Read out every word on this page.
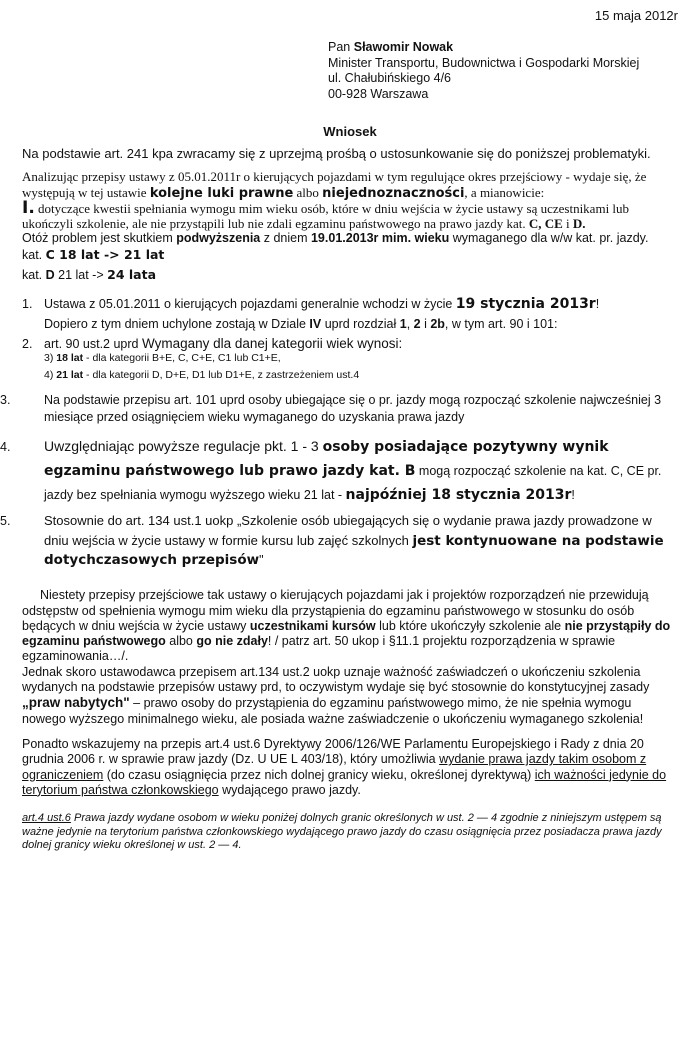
15 maja 2012r
Pan Sławomir Nowak
Minister Transportu, Budownictwa i Gospodarki Morskiej
ul. Chałubińskiego 4/6
00-928 Warszawa
Wniosek

Na podstawie art. 241 kpa zwracamy się z uprzejmą prośbą o ustosunkowanie się do poniższej problematyki.

Analizując przepisy ustawy z 05.01.2011r o kierujących pojazdami w tym regulujące okres przejściowy - wydaje się, że występują w tej ustawie kolejne luki prawne albo niejednoznaczności, a mianowicie:

I. dotyczące kwestii spełniania wymogu mim wieku osób, które w dniu wejścia w życie ustawy są uczestnikami lub ukończyli szkolenie, ale nie przystąpili lub nie zdali egzaminu państwowego na prawo jazdy kat. C, CE i D.

Otóż problem jest skutkiem podwyższenia z dniem 19.01.2013r mim. wieku wymaganego dla w/w kat. pr. jazdy.

kat. C 18 lat -> 21 lat

kat. D 21 lat -> 24 lata

1. Ustawa z 05.01.2011 o kierujących pojazdami generalnie wchodzi w życie 19 stycznia 2013r!

Dopiero z tym dniem uchylone zostają w Dziale IV uprd rozdział 1, 2 i 2b, w tym art. 90 i 101:

2. art. 90 ust.2 uprd Wymagany dla danej kategorii wiek wynosi:

3) 18 lat - dla kategorii B+E, C, C+E, C1 lub C1+E,

4) 21 lat - dla kategorii D, D+E, D1 lub D1+E, z zastrzeżeniem ust.4

3.	Na podstawie przepisu art. 101 uprd osoby ubiegające się o pr. jazdy mogą rozpocząć szkolenie najwcześniej 3 miesiące przed osiągnięciem wieku wymaganego do uzyskania prawa jazdy

4. Uwzględniając powyższe regulacje pkt. 1 - 3 osoby posiadające pozytywny wynik egzaminu państwowego lub prawo jazdy kat. B mogą rozpocząć szkolenie na kat. C, CE pr. jazdy bez spełniania wymogu wyższego wieku 21 lat - najpóźniej 18 stycznia 2013r!

5.	Stosownie do art. 134 ust.1 uokp „Szkolenie osób ubiegających się o wydanie prawa jazdy prowadzone w dniu wejścia w życie ustawy w formie kursu lub zajęć szkolnych jest kontynuowane na podstawie dotychczasowych przepisów"

Niestety przepisy przejściowe tak ustawy o kierujących pojazdami jak i projektów rozporządzeń nie przewidują odstępstw od spełnienia wymogu mim wieku dla przystąpienia do egzaminu państwowego w stosunku do osób będących w dniu wejścia w życie ustawy uczestnikami kursów lub które ukończyły szkolenie ale nie przystąpiły do egzaminu państwowego albo go nie zdały! / patrz art. 50 ukop i §11.1 projektu rozporządzenia w sprawie egzaminowania…/.

Jednak skoro ustawodawca przepisem art.134 ust.2 uokp uznaje ważność zaświadczeń o ukończeniu szkolenia wydanych na podstawie przepisów ustawy prd, to oczywistym wydaje się być stosownie do konstytucyjnej zasady „praw nabytych" – prawo osoby do przystąpienia do egzaminu państwowego mimo, że nie spełnia wymogu nowego wyższego minimalnego wieku, ale posiada ważne zaświadczenie o ukończeniu wymaganego szkolenia!

Ponadto wskazujemy na przepis art.4 ust.6 Dyrektywy 2006/126/WE Parlamentu Europejskiego i Rady z dnia 20 grudnia 2006 r. w sprawie praw jazdy (Dz. U UE L 403/18), który umożliwia wydanie prawa jazdy takim osobom z ograniczeniem (do czasu osiągnięcia przez nich dolnej granicy wieku, określonej dyrektywą) ich ważności jedynie do terytorium państwa członkowskiego wydającego prawo jazdy.

art.4 ust.6 Prawa jazdy wydane osobom w wieku poniżej dolnych granic określonych w ust. 2 — 4 zgodnie z niniejszym ustępem są ważne jedynie na terytorium państwa członkowskiego wydającego prawo jazdy do czasu osiągnięcia przez posiadacza prawa jazdy dolnej granicy wieku określonej w ust. 2 — 4.
